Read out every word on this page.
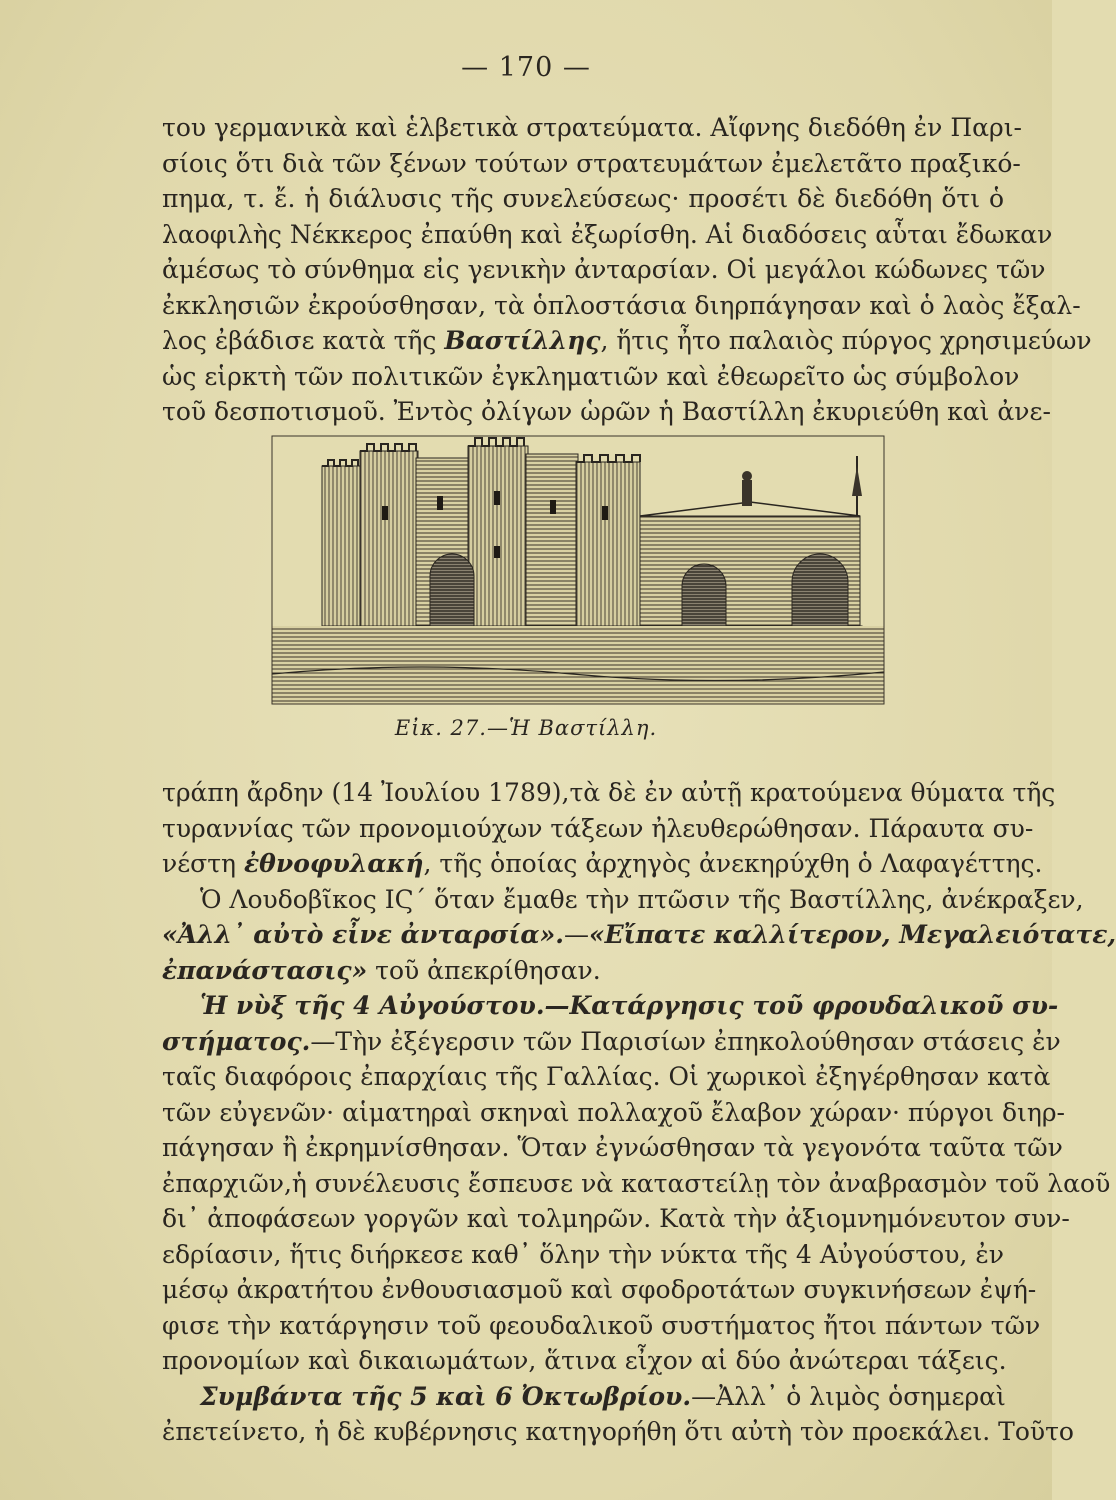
— 170 —
του γερμανικὰ καὶ ἑλβετικὰ στρατεύματα. Αἴφνης διεδόθη ἐν Παρι-
σίοις ὅτι διὰ τῶν ξένων τούτων στρατευμάτων ἐμελετᾶτο πραξικό-
πημα, τ. ἔ. ἡ διάλυσις τῆς συνελεύσεως· προσέτι δὲ διεδόθη ὅτι ὁ
λαοφιλὴς Νέκκερος ἐπαύθη καὶ ἐξωρίσθη. Αἱ διαδόσεις αὗται ἔδωκαν
ἀμέσως τὸ σύνθημα εἰς γενικὴν ἀνταρσίαν. Οἱ μεγάλοι κώδωνες τῶν
ἐκκλησιῶν ἐκρούσθησαν, τὰ ὁπλοστάσια διηρπάγησαν καὶ ὁ λαὸς ἔξαλ-
λος ἐβάδισε κατὰ τῆς Βαστίλλης, ἥτις ἦτο παλαιὸς πύργος χρησιμεύων
ὡς εἱρκτὴ τῶν πολιτικῶν ἐγκληματιῶν καὶ ἐθεωρεῖτο ὡς σύμβολον
τοῦ δεσποτισμοῦ. Ἐντὸς ὀλίγων ὡρῶν ἡ Βαστίλλη ἐκυριεύθη καὶ ἀνε-
Εἰκ. 27.—Ἡ Βαστίλλη.
τράπη ἄρδην (14 Ἰουλίου 1789),τὰ δὲ ἐν αὐτῇ κρατούμενα θύματα τῆς
τυραννίας τῶν προνομιούχων τάξεων ἠλευθερώθησαν. Πάραυτα συ-
νέστη ἐθνοφυλακή, τῆς ὁποίας ἀρχηγὸς ἀνεκηρύχθη ὁ Λαφαγέττης.
Ὁ Λουδοβῖκος ΙϚ´ ὅταν ἔμαθε τὴν πτῶσιν τῆς Βαστίλλης, ἀνέκραξεν,
«Ἀλλ᾽ αὐτὸ εἶνε ἀνταρσία».—«Εἴπατε καλλίτερον, Μεγαλειότατε,
ἐπανάστασις» τοῦ ἀπεκρίθησαν.
Ἡ νὺξ τῆς 4 Αὐγούστου.—Κατάργησις τοῦ φρουδαλικοῦ συ-
στήματος.—Τὴν ἐξέγερσιν τῶν Παρισίων ἐπηκολούθησαν στάσεις ἐν
ταῖς διαφόροις ἐπαρχίαις τῆς Γαλλίας. Οἱ χωρικοὶ ἐξηγέρθησαν κατὰ
τῶν εὐγενῶν· αἱματηραὶ σκηναὶ πολλαχοῦ ἔλαβον χώραν· πύργοι διηρ-
πάγησαν ἢ ἐκρημνίσθησαν. Ὅταν ἐγνώσθησαν τὰ γεγονότα ταῦτα τῶν
ἐπαρχιῶν,ἡ συνέλευσις ἔσπευσε νὰ καταστείλῃ τὸν ἀναβρασμὸν τοῦ λαοῦ
δι᾽ ἀποφάσεων γοργῶν καὶ τολμηρῶν. Κατὰ τὴν ἀξιομνημόνευτον συν-
εδρίασιν, ἥτις διήρκεσε καθ᾽ ὅλην τὴν νύκτα τῆς 4 Αὐγούστου, ἐν
μέσῳ ἀκρατήτου ἐνθουσιασμοῦ καὶ σφοδροτάτων συγκινήσεων ἐψή-
φισε τὴν κατάργησιν τοῦ φεουδαλικοῦ συστήματος ἤτοι πάντων τῶν
προνομίων καὶ δικαιωμάτων, ἅτινα εἶχον αἱ δύο ἀνώτεραι τάξεις.
Συμβάντα τῆς 5 καὶ 6 Ὀκτωβρίου.—Ἀλλ᾽ ὁ λιμὸς ὁσημεραὶ
ἐπετείνετο, ἡ δὲ κυβέρνησις κατηγορήθη ὅτι αὐτὴ τὸν προεκάλει. Τοῦτο
